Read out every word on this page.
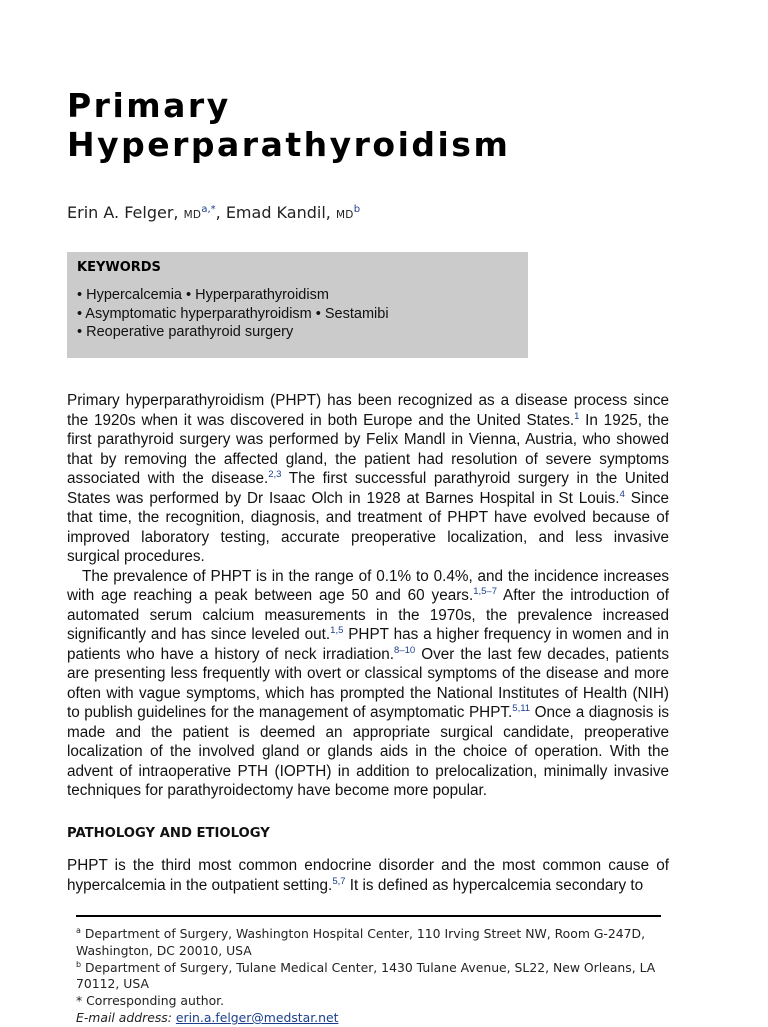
Primary
Hyperparathyroidism

Erin A. Felger, $MD^{a,*}$, Emad Kandil, $MD^b$

KEYWORDS
• Hypercalcemia • Hyperparathyroidism
• Asymptomatic hyperparathyroidism • Sestamibi
• Reoperative parathyroid surgery

Primary hyperparathyroidism (PHPT) has been recognized as a disease process since the 1920s when it was discovered in both Europe and the United States.$^1$ In 1925, the first parathyroid surgery was performed by Felix Mandl in Vienna, Austria, who showed that by removing the affected gland, the patient had resolution of severe symptoms associated with the disease.$^{2,3}$ The first successful parathyroid surgery in the United States was performed by Dr Isaac Olch in 1928 at Barnes Hospital in St Louis.$^4$ Since that time, the recognition, diagnosis, and treatment of PHPT have evolved because of improved laboratory testing, accurate preoperative localization, and less invasive surgical procedures.

The prevalence of PHPT is in the range of 0.1% to 0.4%, and the incidence increases with age reaching a peak between age 50 and 60 years.$^{1,5-7}$ After the introduction of automated serum calcium measurements in the 1970s, the prevalence increased significantly and has since leveled out.$^{1,5}$ PHPT has a higher frequency in women and in patients who have a history of neck irradiation.$^{8-10}$ Over the last few decades, patients are presenting less frequently with overt or classical symptoms of the disease and more often with vague symptoms, which has prompted the National Institutes of Health (NIH) to publish guidelines for the management of asymptomatic PHPT.$^{5,11}$ Once a diagnosis is made and the patient is deemed an appropriate surgical candidate, preoperative localization of the involved gland or glands aids in the choice of operation. With the advent of intraoperative PTH (IOPTH) in addition to prelocalization, minimally invasive techniques for parathyroidectomy have become more popular.

PATHOLOGY AND ETIOLOGY

PHPT is the third most common endocrine disorder and the most common cause of hypercalcemia in the outpatient setting.$^{5,7}$ It is defined as hypercalcemia secondary to

$^a$ Department of Surgery, Washington Hospital Center, 110 Irving Street NW, Room G-247D, Washington, DC 20010, USA

$^b$ Department of Surgery, Tulane Medical Center, 1430 Tulane Avenue, SL22, New Orleans, LA 70112, USA

* Corresponding author.

E-mail address: erin.a.felger@medstar.net
